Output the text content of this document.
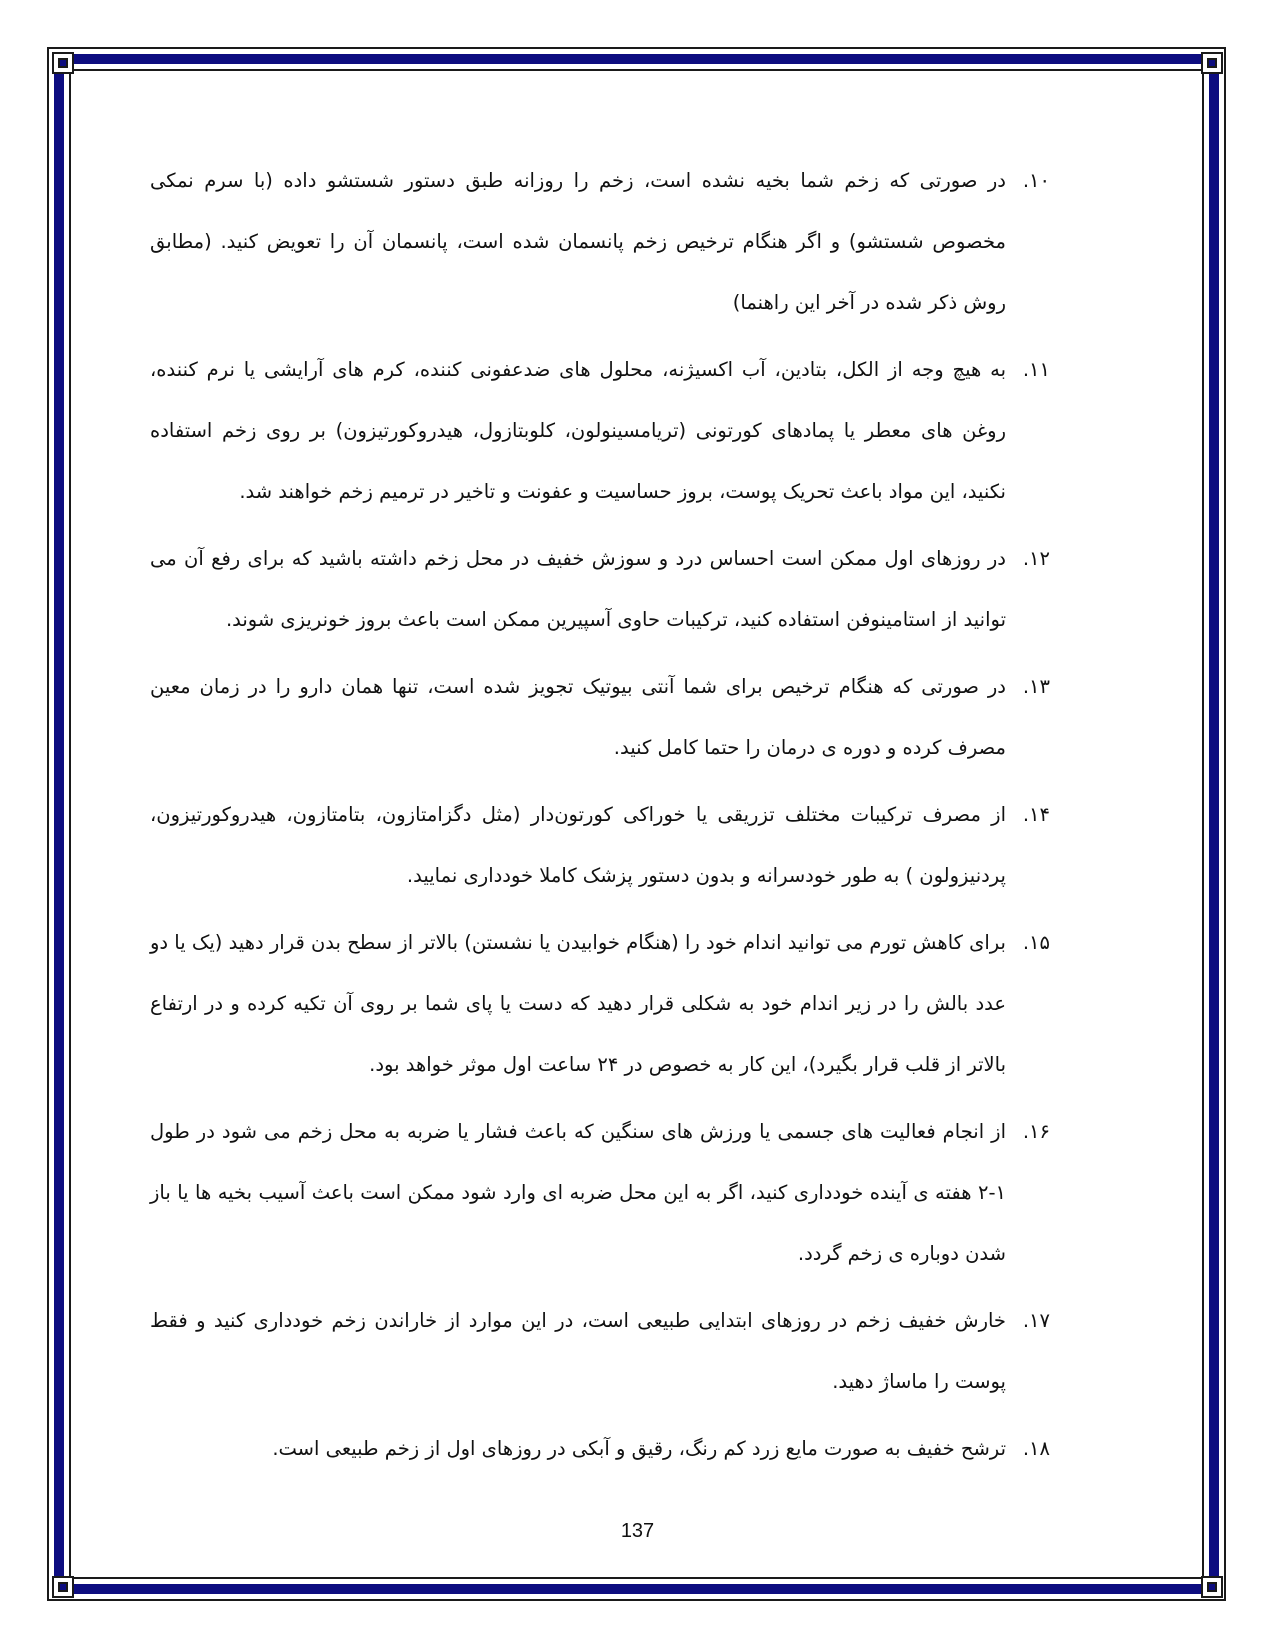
۱۰.
در صورتی که زخم شما بخیه نشده است، زخم را روزانه طبق دستور شستشو داده (با سرم نمکی مخصوص شستشو) و اگر هنگام ترخیص زخم پانسمان شده است، پانسمان آن را تعویض کنید. (مطابق روش ذکر شده در آخر این راهنما)
۱۱.
به هیچ وجه از الکل، بتادین، آب اکسیژنه، محلول های ضدعفونی کننده، کرم های آرایشی یا نرم کننده، روغن های معطر یا پمادهای کورتونی (تریامسینولون، کلوبتازول، هیدروکورتیزون) بر روی زخم استفاده نکنید، این مواد باعث تحریک پوست، بروز حساسیت و عفونت و تاخیر در ترمیم زخم خواهند شد.
۱۲.
در روزهای اول ممکن است احساس درد و سوزش خفیف در محل زخم داشته باشید که برای رفع آن می توانید از استامینوفن استفاده کنید، ترکیبات حاوی آسپیرین ممکن است باعث بروز خونریزی شوند.
۱۳.
در صورتی که هنگام ترخیص برای شما آنتی بیوتیک تجویز شده است، تنها همان دارو را در زمان معین مصرف کرده و دوره ی درمان را حتما کامل کنید.
۱۴.
از مصرف ترکیبات مختلف تزریقی یا خوراکی کورتون‌دار (مثل دگزامتازون، بتامتازون، هیدروکورتیزون، پردنیزولون ) به طور خودسرانه و بدون دستور پزشک کاملا خودداری نمایید.
۱۵.
برای کاهش تورم می توانید اندام خود را (هنگام خوابیدن یا نشستن) بالاتر از سطح بدن قرار دهید (یک یا دو عدد بالش را در زیر اندام خود به شکلی قرار دهید که دست یا پای شما بر روی آن تکیه کرده و در ارتفاع بالاتر از قلب قرار بگیرد)، این کار به خصوص در ۲۴ ساعت اول موثر خواهد بود.
۱۶.
از انجام فعالیت های جسمی یا ورزش های سنگین که باعث فشار یا ضربه به محل زخم می شود در طول ۱-۲ هفته ی آینده خودداری کنید، اگر به این محل ضربه ای وارد شود ممکن است باعث آسیب بخیه ها یا باز شدن دوباره ی زخم گردد.
۱۷.
خارش خفیف زخم در روزهای ابتدایی طبیعی است، در این موارد از خاراندن زخم خودداری کنید و فقط پوست را ماساژ دهید.
۱۸.
ترشح خفیف به صورت مایع زرد کم رنگ، رقیق و آبکی در روزهای اول از زخم طبیعی است.
137
